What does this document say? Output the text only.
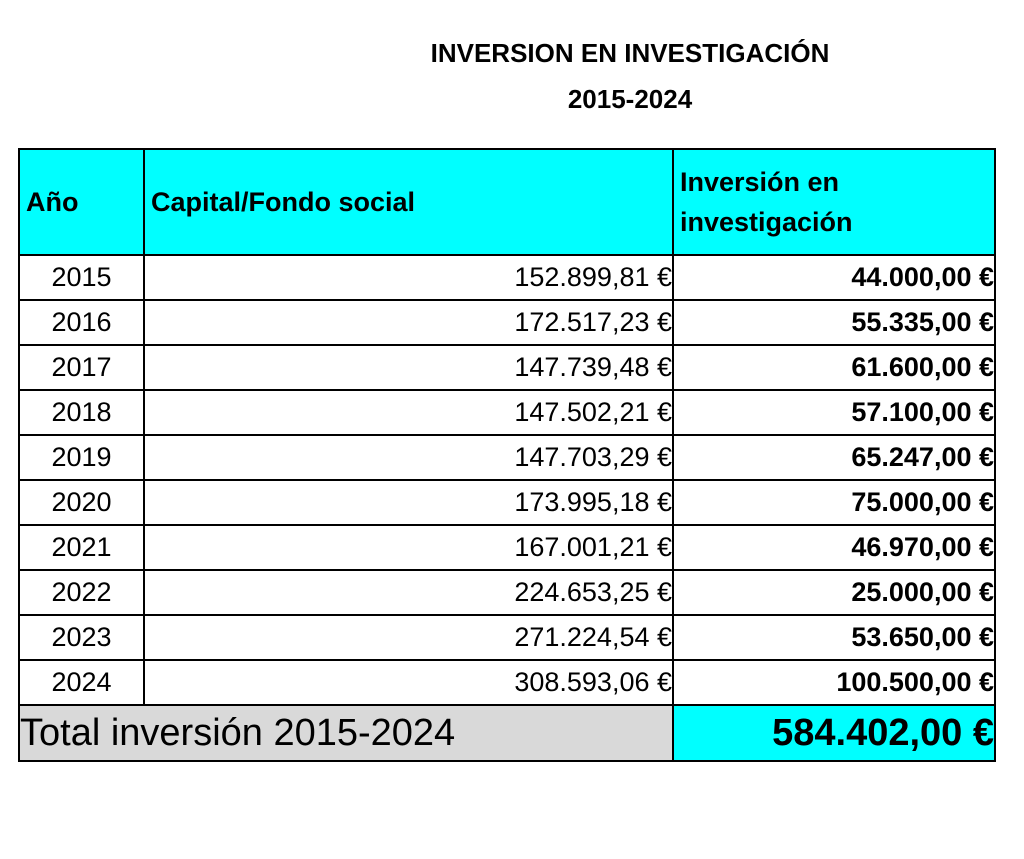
INVERSION EN INVESTIGACIÓN
2015-2024
Año	Capital/Fondo social	Inversión en
investigación

2015	152.899,81 €	44.000,00 €
2016	172.517,23 €	55.335,00 €
2017	147.739,48 €	61.600,00 €
2018	147.502,21 €	57.100,00 €
2019	147.703,29 €	65.247,00 €
2020	173.995,18 €	75.000,00 €
2021	167.001,21 €	46.970,00 €
2022	224.653,25 €	25.000,00 €
2023	271.224,54 €	53.650,00 €
2024	308.593,06 €	100.500,00 €
Total inversión 2015-2024		584.402,00 €
